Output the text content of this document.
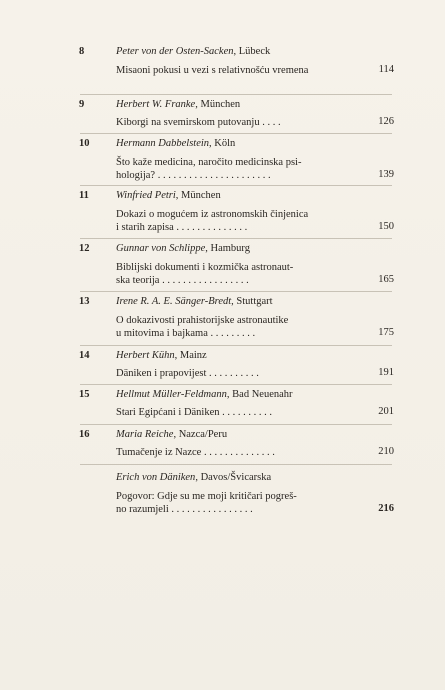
8	Peter von der Osten-Sacken, Lübeck
Misaoni pokusi u vezi s relativnošću vremena	114
9	Herbert W. Franke, München
Kiborgi na svemirskom putovanju . . . .	126
10	Hermann Dabbelstein, Köln
Što kaže medicina, naročito medicinska psi-
hologija? . . . . . . . . . . . . . . . . . . . . . .	139
11	Winfried Petri, München
Dokazi o mogućem iz astronomskih činjenica
i starih zapisa . . . . . . . . . . . . . .	150
12	Gunnar von Schlippe, Hamburg
Biblijski dokumenti i kozmička astronaut-
ska teorija . . . . . . . . . . . . . . . . .	165
13	Irene R. A. E. Sänger-Bredt, Stuttgart
O dokazivosti prahistorijske astronautike
u mitovima i bajkama . . . . . . . . .	175
14	Herbert Kühn, Mainz
Däniken i prapovijest . . . . . . . . . .	191
15	Hellmut Müller-Feldmann, Bad Neuenahr
Stari Egipćani i Däniken . . . . . . . . . .	201
16	Maria Reiche, Nazca/Peru
Tumačenje iz Nazce . . . . . . . . . . . . . .	210
Erich von Däniken, Davos/Švicarska
Pogovor: Gdje su me moji kritičari pogreš-
no razumjeli . . . . . . . . . . . . . . . .	216
